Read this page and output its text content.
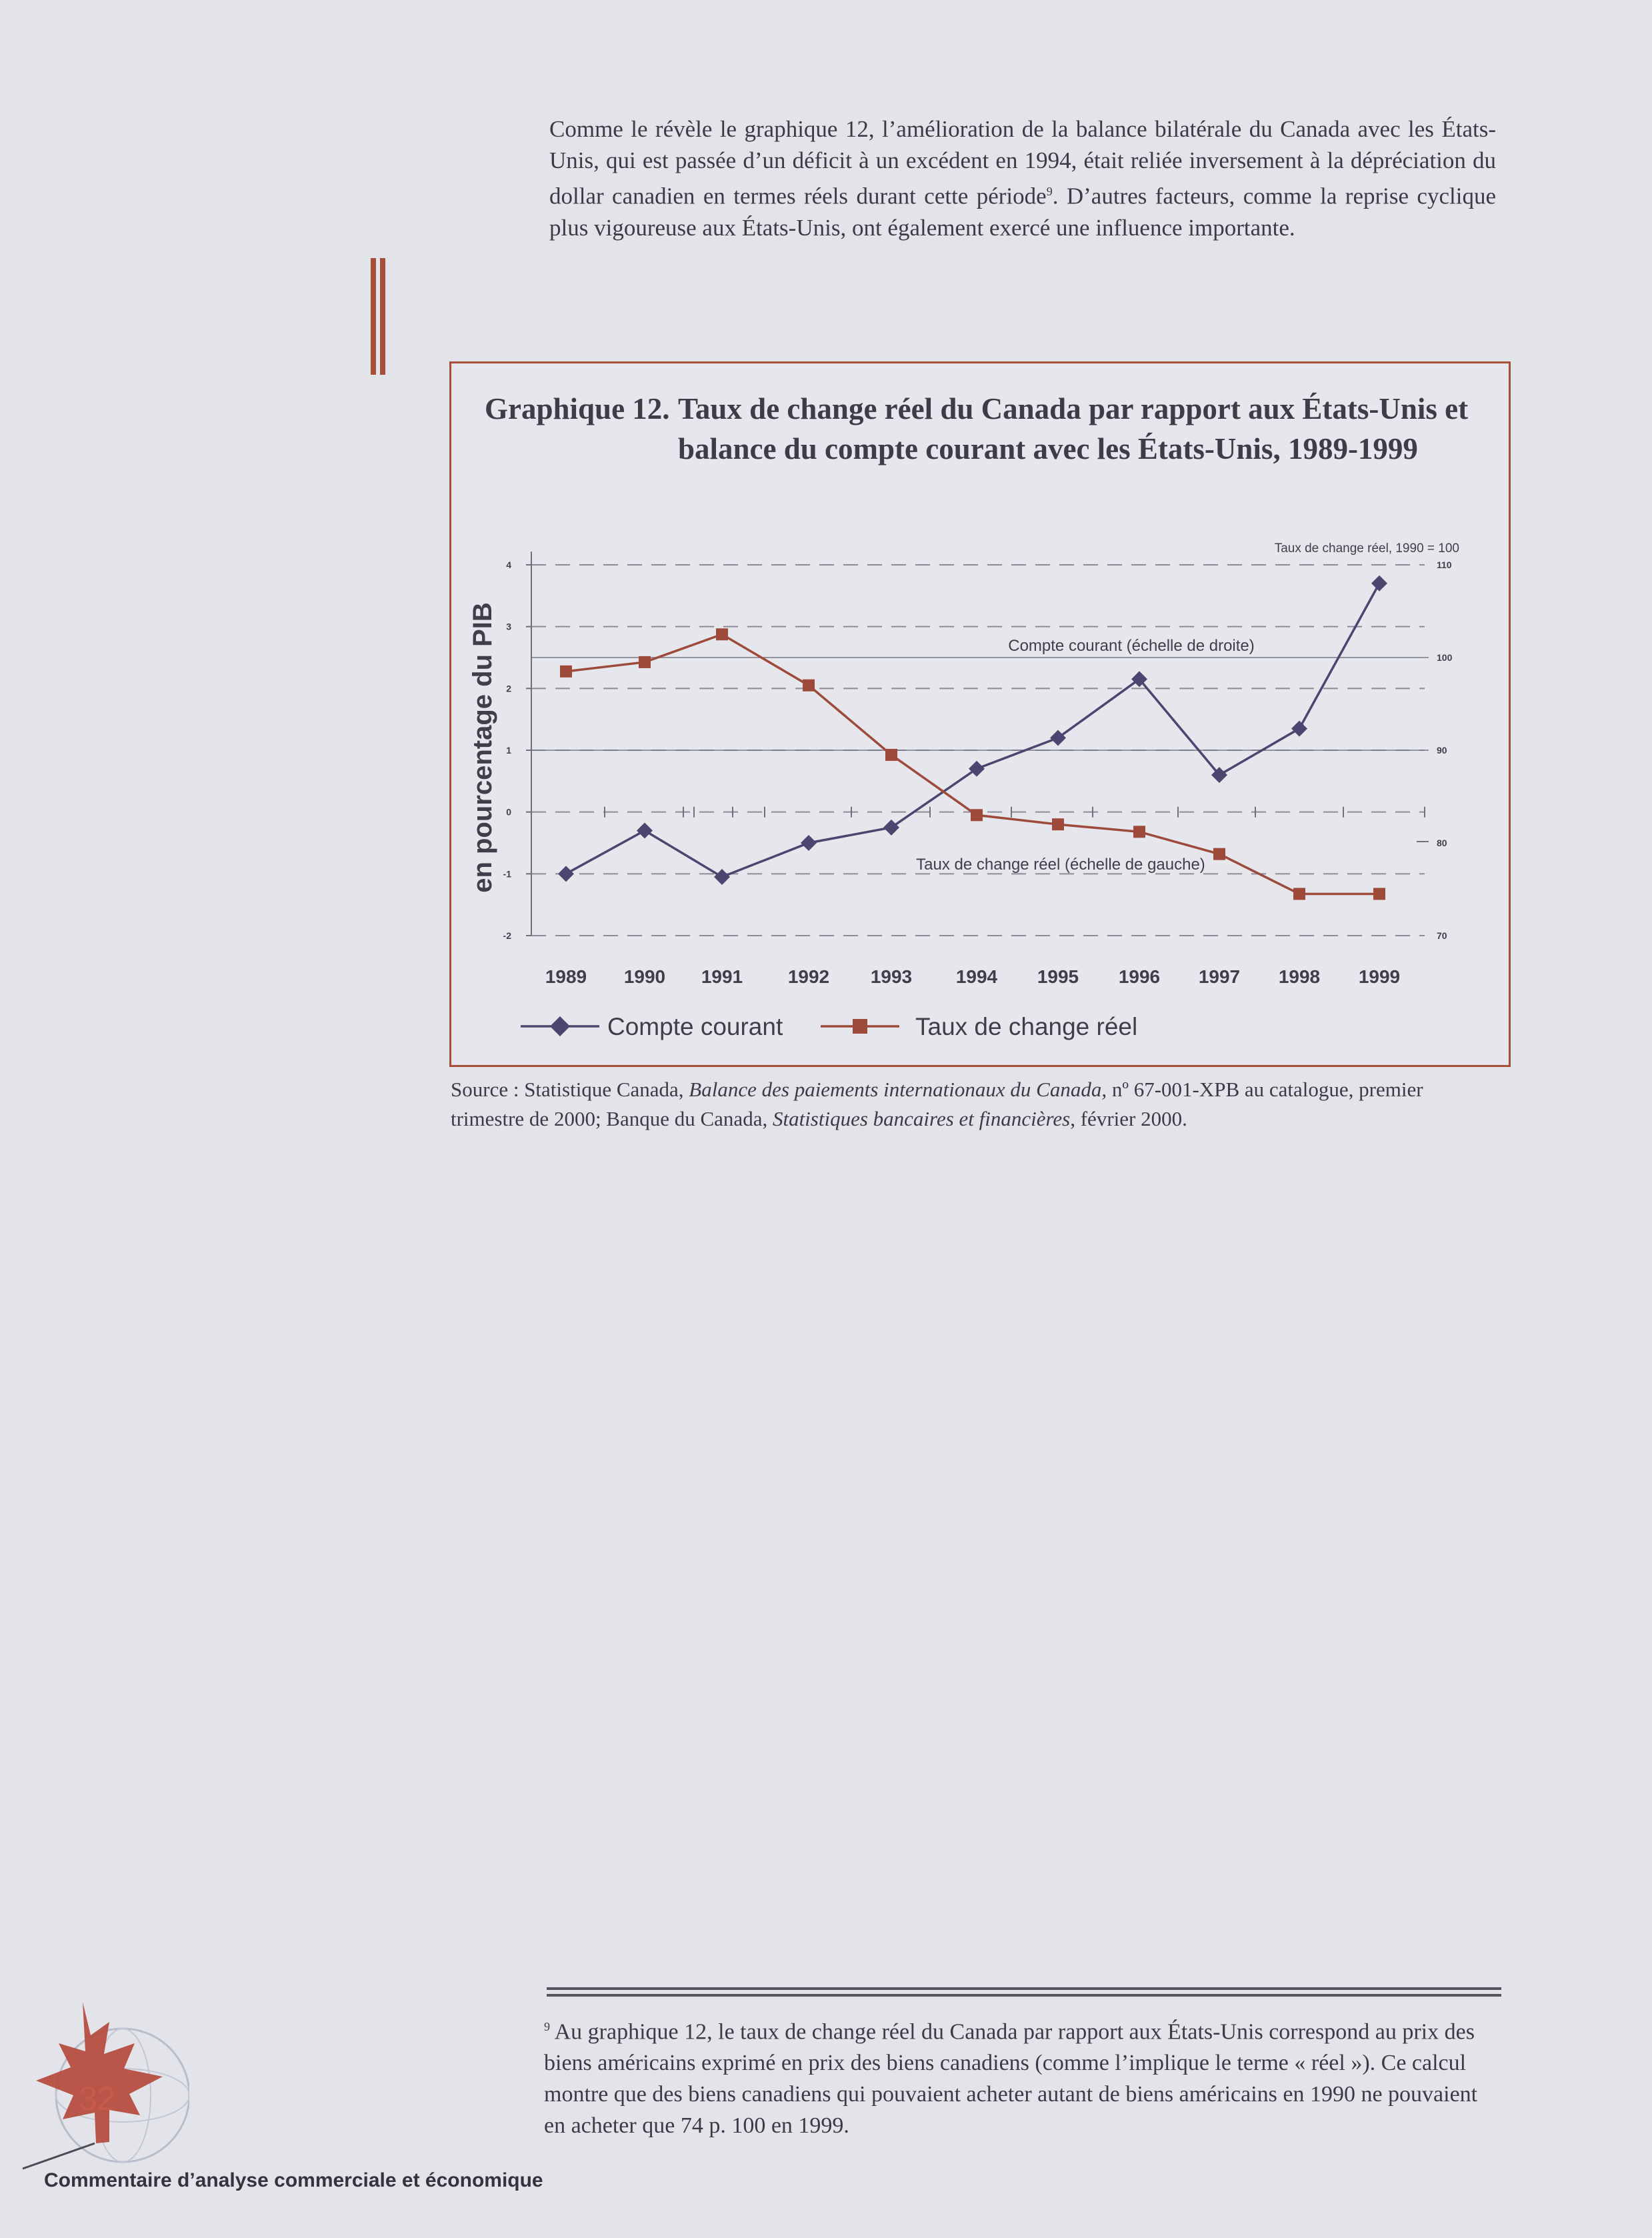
Comme le révèle le graphique 12, l’amélioration de la balance bilatérale du Canada avec les États-Unis, qui est passée d’un déficit à un excédent en 1994, était reliée inversement à la dépréciation du dollar canadien en termes réels durant cette période$^9$. D’autres facteurs, comme la reprise cyclique plus vigoureuse aux États-Unis, ont également exercé une influence importante.

Graphique 12. Taux de change réel du Canada par rapport aux États-Unis et balance du compte courant avec les États-Unis, 1989-1999
4
3
2
1
0
-1
-2
en pourcentage du PIB
110
100
90
80
70
Taux de change réel, 1990 = 100
1989 1990 1991 1992 1993 1994 1995 1996 1997 1998 1999
Compte courant (échelle de droite)
Taux de change réel (échelle de gauche)
Compte courant	Taux de change réel

Source : Statistique Canada, Balance des paiements internationaux du Canada, nº 67-001-XPB au catalogue, premier trimestre de 2000; Banque du Canada, Statistiques bancaires et financières, février 2000.

$^9$ Au graphique 12, le taux de change réel du Canada par rapport aux États-Unis correspond au prix des biens américains exprimé en prix des biens canadiens (comme l’implique le terme « réel »). Ce calcul montre que des biens canadiens qui pouvaient acheter autant de biens américains en 1990 ne pouvaient en acheter que 74 p. 100 en 1999.

32
Commentaire d’analyse commerciale et économique
